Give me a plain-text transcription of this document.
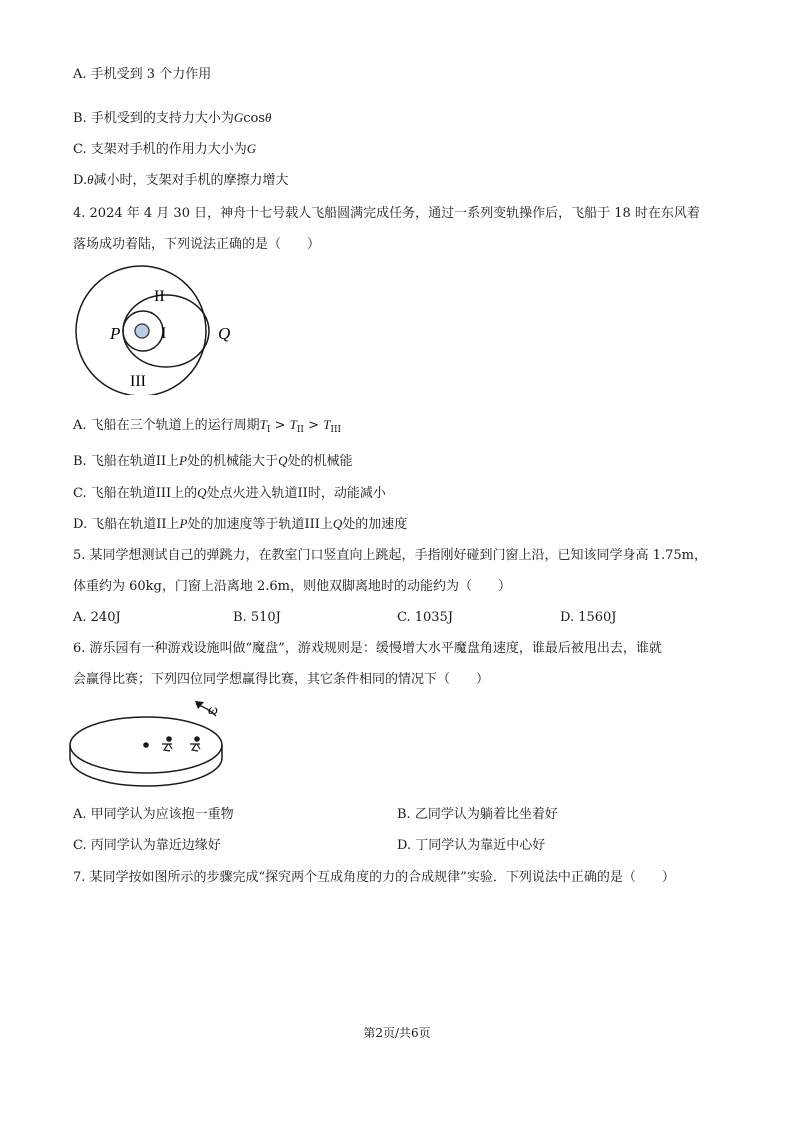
A. 手机受到 3 个力作用
B. 手机受到的支持力大小为Gcosθ
C. 支架对手机的作用力大小为G
D.θ减小时，支架对手机的摩擦力增大
4. 2024 年 4 月 30 日，神舟十七号载人飞船圆满完成任务，通过一系列变轨操作后，飞船于 18 时在东风着
落场成功着陆，下列说法正确的是（　　）
II
I
III
P	Q
A. 飞船在三个轨道上的运行周期$T_I > T_{II} > T_{III}$
B. 飞船在轨道II上P处的机械能大于Q处的机械能
C. 飞船在轨道III上的Q处点火进入轨道II时，动能减小
D. 飞船在轨道II上P处的加速度等于轨道III上Q处的加速度
5. 某同学想测试自己的弹跳力，在教室门口竖直向上跳起，手指刚好碰到门窗上沿，已知该同学身高 1.75m，
体重约为 60kg，门窗上沿离地 2.6m，则他双脚离地时的动能约为（　　）
A. 240J	B. 510J	C. 1035J	D. 1560J
6. 游乐园有一种游戏设施叫做“魔盘”，游戏规则是：缓慢增大水平魔盘角速度，谁最后被甩出去，谁就
会赢得比赛；下列四位同学想赢得比赛，其它条件相同的情况下（　　）
ω
A. 甲同学认为应该抱一重物	B. 乙同学认为躺着比坐着好
C. 丙同学认为靠近边缘好	D. 丁同学认为靠近中心好
7. 某同学按如图所示的步骤完成“探究两个互成角度的力的合成规律”实验．下列说法中正确的是（　　）
第2页/共6页
